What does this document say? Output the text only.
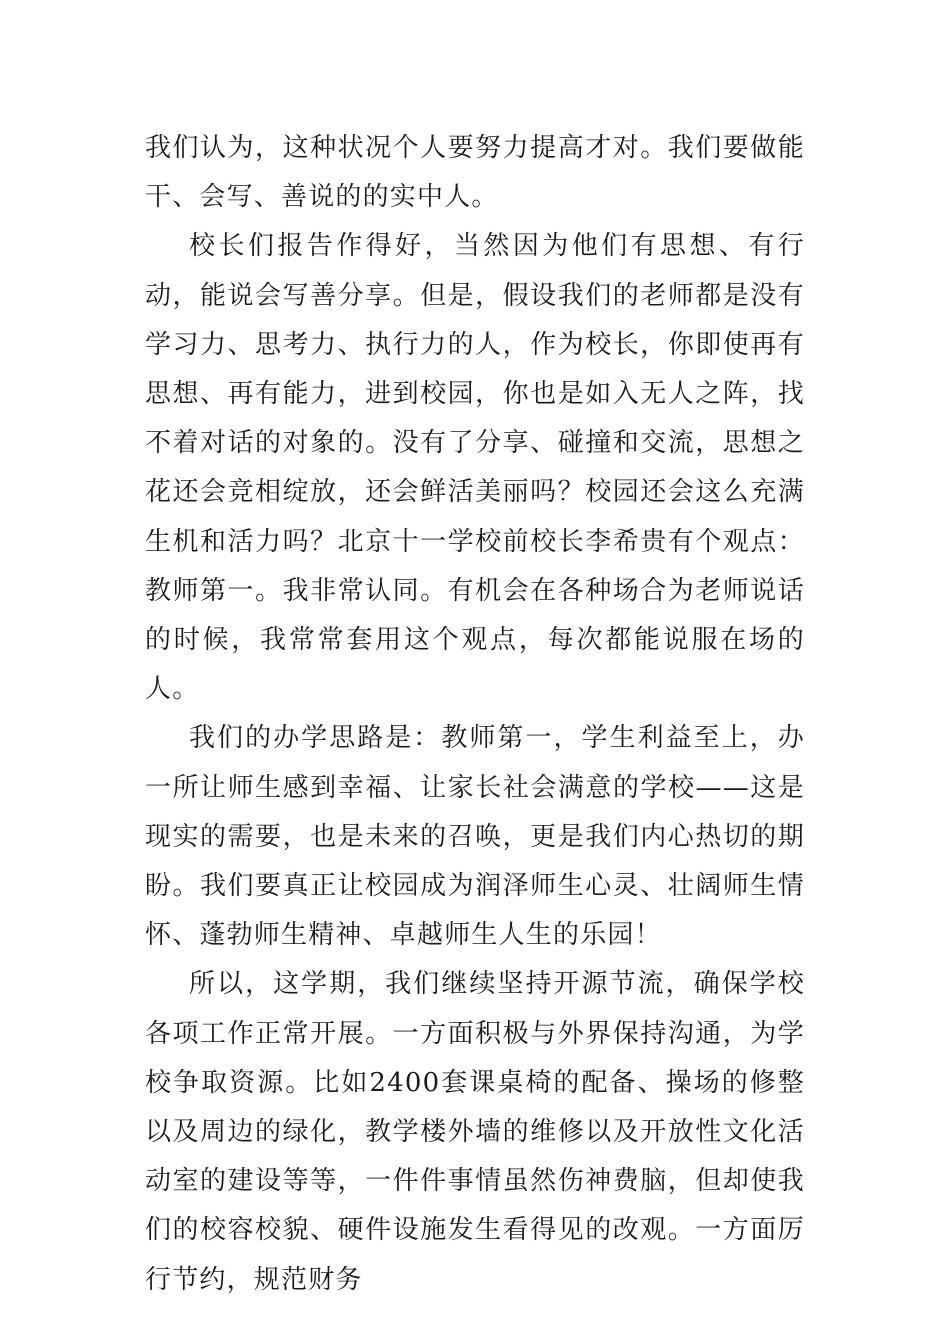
我们认为，这种状况个人要努力提高才对。我们要做能干、会写、善说的的实中人。

校长们报告作得好，当然因为他们有思想、有行动，能说会写善分享。但是，假设我们的老师都是没有学习力、思考力、执行力的人，作为校长，你即使再有思想、再有能力，进到校园，你也是如入无人之阵，找不着对话的对象的。没有了分享、碰撞和交流，思想之花还会竞相绽放，还会鲜活美丽吗？校园还会这么充满生机和活力吗？北京十一学校前校长李希贵有个观点：教师第一。我非常认同。有机会在各种场合为老师说话的时候，我常常套用这个观点，每次都能说服在场的人。

我们的办学思路是：教师第一，学生利益至上，办一所让师生感到幸福、让家长社会满意的学校——这是现实的需要，也是未来的召唤，更是我们内心热切的期盼。我们要真正让校园成为润泽师生心灵、壮阔师生情怀、蓬勃师生精神、卓越师生人生的乐园！

所以，这学期，我们继续坚持开源节流，确保学校各项工作正常开展。一方面积极与外界保持沟通，为学校争取资源。比如2400套课桌椅的配备、操场的修整以及周边的绿化，教学楼外墙的维修以及开放性文化活动室的建设等等，一件件事情虽然伤神费脑，但却使我们的校容校貌、硬件设施发生看得见的改观。一方面厉行节约，规范财务
